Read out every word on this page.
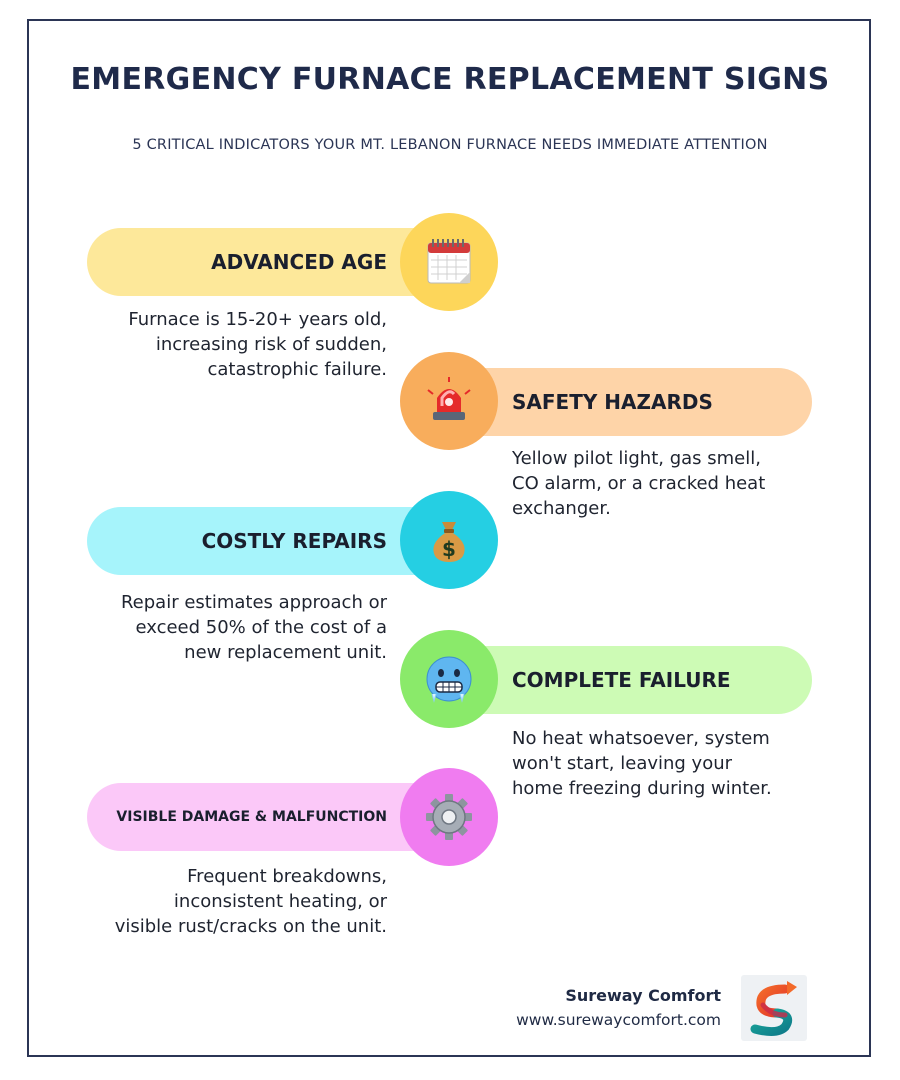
EMERGENCY FURNACE REPLACEMENT SIGNS
5 CRITICAL INDICATORS YOUR MT. LEBANON FURNACE NEEDS IMMEDIATE ATTENTION
ADVANCED AGE
Furnace is 15-20+ years old,
increasing risk of sudden,
catastrophic failure.
SAFETY HAZARDS
Yellow pilot light, gas smell,
CO alarm, or a cracked heat
exchanger.
COSTLY REPAIRS	$
Repair estimates approach or
exceed 50% of the cost of a
new replacement unit.
COMPLETE FAILURE
No heat whatsoever, system
won't start, leaving your
home freezing during winter.
VISIBLE DAMAGE & MALFUNCTION
Frequent breakdowns,
inconsistent heating, or
visible rust/cracks on the unit.
Sureway Comfort
www.surewaycomfort.com
